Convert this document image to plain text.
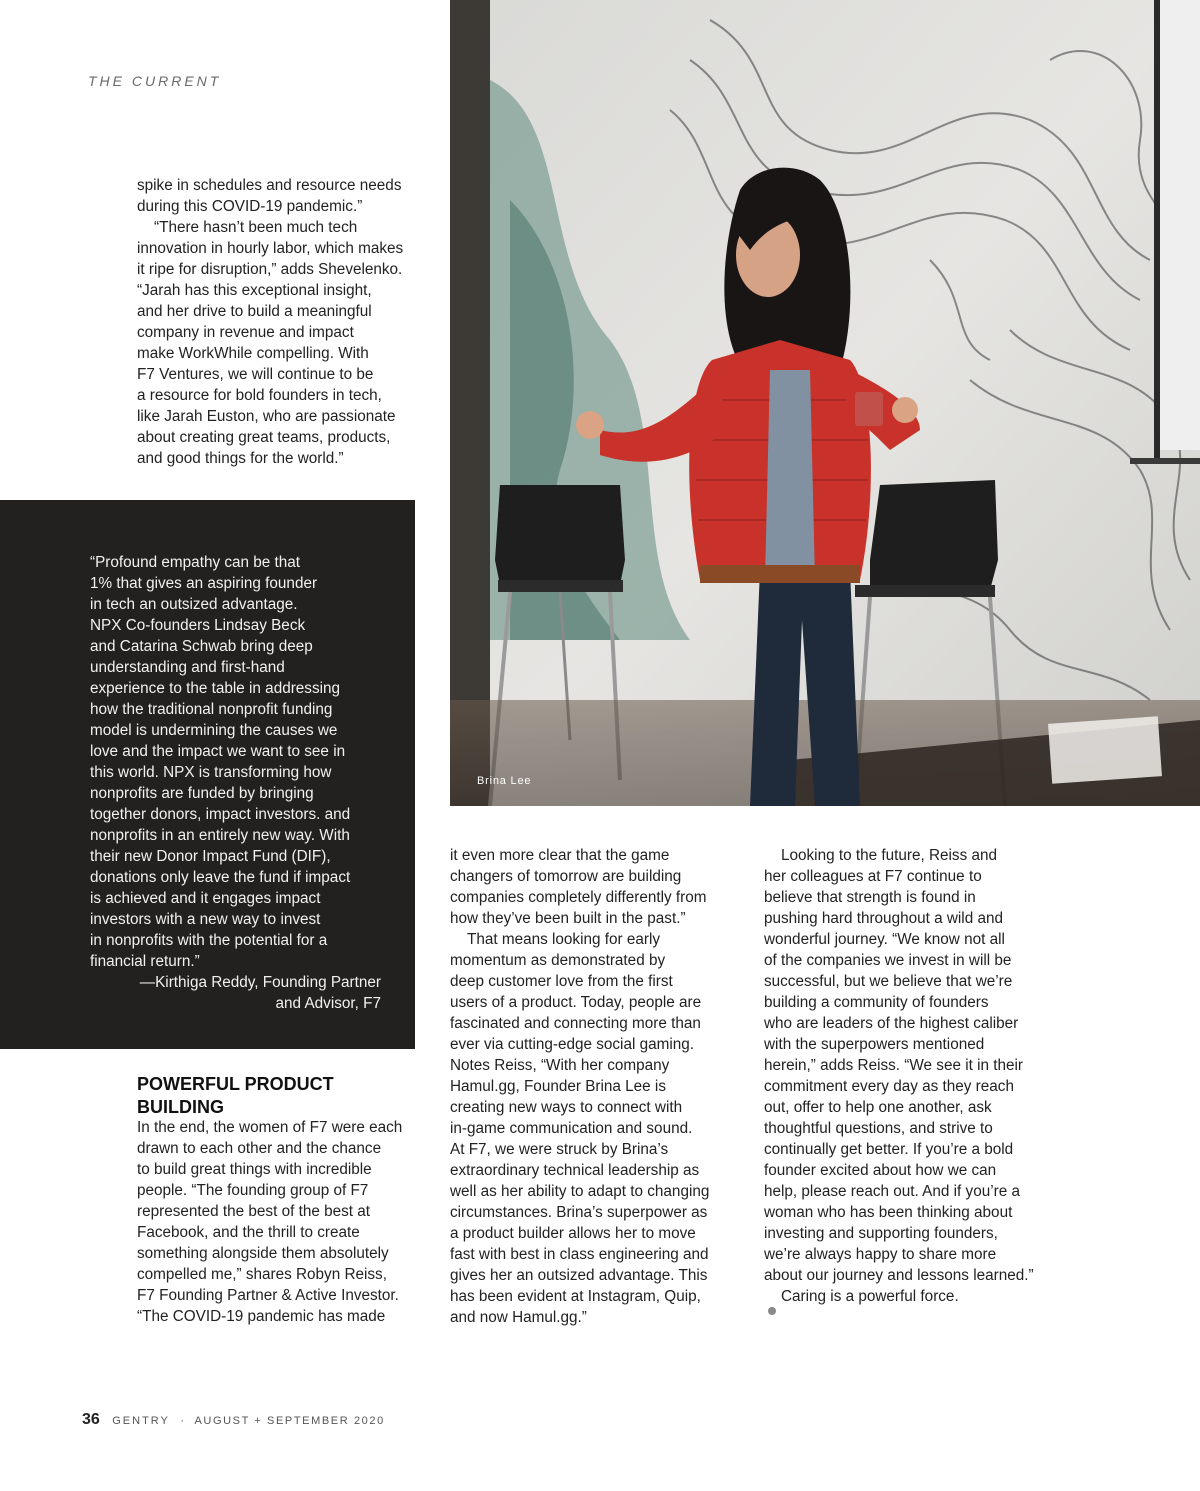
THE CURRENT
spike in schedules and resource needs
during this COVID-19 pandemic.”
“There hasn’t been much tech
innovation in hourly labor, which makes
it ripe for disruption,” adds Shevelenko.
“Jarah has this exceptional insight,
and her drive to build a meaningful
company in revenue and impact
make WorkWhile compelling. With
F7 Ventures, we will continue to be
a resource for bold founders in tech,
like Jarah Euston, who are passionate
about creating great teams, products,
and good things for the world.”
“Profound empathy can be that
1% that gives an aspiring founder
in tech an outsized advantage.
NPX Co-founders Lindsay Beck
and Catarina Schwab bring deep
understanding and first-hand
experience to the table in addressing
how the traditional nonprofit funding
model is undermining the causes we
love and the impact we want to see in
this world. NPX is transforming how
nonprofits are funded by bringing
together donors, impact investors. and
nonprofits in an entirely new way. With
their new Donor Impact Fund (DIF),
donations only leave the fund if impact
is achieved and it engages impact
investors with a new way to invest
in nonprofits with the potential for a
financial return.”
—Kirthiga Reddy, Founding Partner
and Advisor, F7
POWERFUL PRODUCT
BUILDING
In the end, the women of F7 were each
drawn to each other and the chance
to build great things with incredible
people. “The founding group of F7
represented the best of the best at
Facebook, and the thrill to create
something alongside them absolutely
compelled me,” shares Robyn Reiss,
F7 Founding Partner & Active Investor.
“The COVID-19 pandemic has made
it even more clear that the game
changers of tomorrow are building
companies completely differently from
how they’ve been built in the past.”
That means looking for early
momentum as demonstrated by
deep customer love from the first
users of a product. Today, people are
fascinated and connecting more than
ever via cutting-edge social gaming.
Notes Reiss, “With her company
Hamul.gg, Founder Brina Lee is
creating new ways to connect with
in-game communication and sound.
At F7, we were struck by Brina’s
extraordinary technical leadership as
well as her ability to adapt to changing
circumstances. Brina’s superpower as
a product builder allows her to move
fast with best in class engineering and
gives her an outsized advantage. This
has been evident at Instagram, Quip,
and now Hamul.gg.”
Looking to the future, Reiss and
her colleagues at F7 continue to
believe that strength is found in
pushing hard throughout a wild and
wonderful journey. “We know not all
of the companies we invest in will be
successful, but we believe that we’re
building a community of founders
who are leaders of the highest caliber
with the superpowers mentioned
herein,” adds Reiss. “We see it in their
commitment every day as they reach
out, offer to help one another, ask
thoughtful questions, and strive to
continually get better. If you’re a bold
founder excited about how we can
help, please reach out. And if you’re a
woman who has been thinking about
investing and supporting founders,
we’re always happy to share more
about our journey and lessons learned.”
Caring is a powerful force.
Brina Lee
36 GENTRY · AUGUST + SEPTEMBER 2020
